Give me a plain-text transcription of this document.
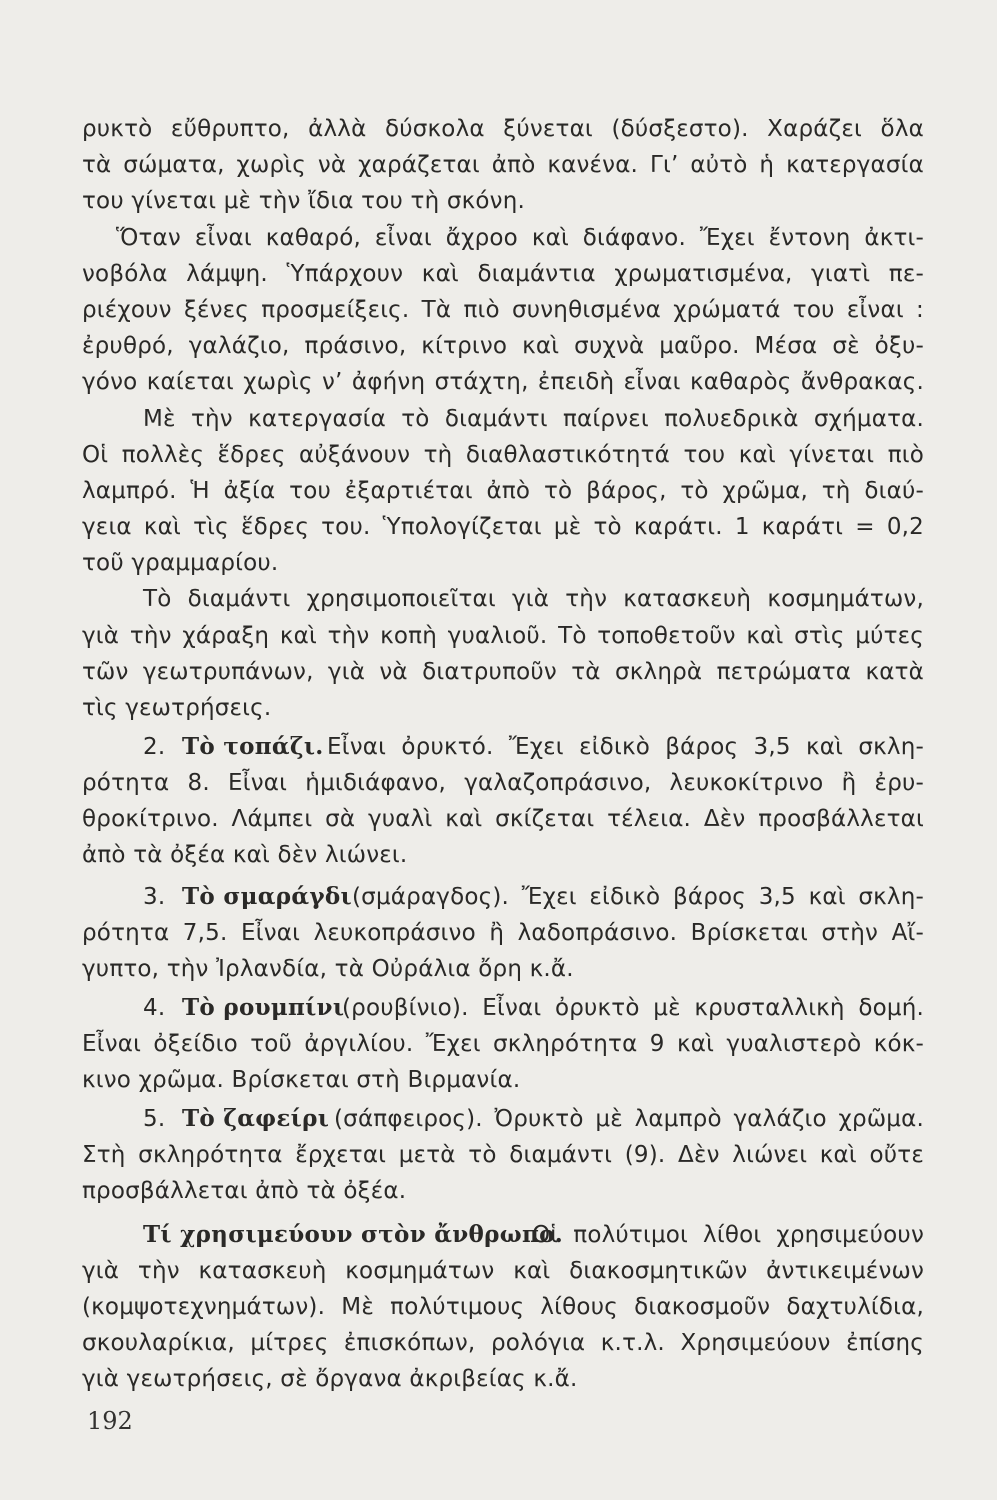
ρυκτὸ εὔθρυπτο, ἀλλὰ δύσκολα ξύνεται (δύσξεστο). Χαράζει ὅλα
τὰ σώματα, χωρὶς νὰ χαράζεται ἀπὸ κανένα. Γι’ αὐτὸ ἡ κατεργασία
του γίνεται μὲ τὴν ἴδια του τὴ σκόνη.
Ὅταν εἶναι καθαρό, εἶναι ἄχροο καὶ διάφανο. Ἔχει ἔντονη ἀκτι-
νοβόλα λάμψη. Ὑπάρχουν καὶ διαμάντια χρωματισμένα, γιατὶ πε-
ριέχουν ξένες προσμείξεις. Τὰ πιὸ συνηθισμένα χρώματά του εἶναι :
ἐρυθρό, γαλάζιο, πράσινο, κίτρινο καὶ συχνὰ μαῦρο. Μέσα σὲ ὀξυ-
γόνο καίεται χωρὶς ν’ ἀφήνη στάχτη, ἐπειδὴ εἶναι καθαρὸς ἄνθρακας.
Μὲ τὴν κατεργασία τὸ διαμάντι παίρνει πολυεδρικὰ σχήματα.
Οἱ πολλὲς ἕδρες αὐξάνουν τὴ διαθλαστικότητά του καὶ γίνεται πιὸ
λαμπρό. Ἡ ἀξία του ἐξαρτιέται ἀπὸ τὸ βάρος, τὸ χρῶμα, τὴ διαύ-
γεια καὶ τὶς ἕδρες του. Ὑπολογίζεται μὲ τὸ καράτι. 1 καράτι = 0,2
τοῦ γραμμαρίου.
Τὸ διαμάντι χρησιμοποιεῖται γιὰ τὴν κατασκευὴ κοσμημάτων,
γιὰ τὴν χάραξη καὶ τὴν κοπὴ γυαλιοῦ. Τὸ τοποθετοῦν καὶ στὶς μύτες
τῶν γεωτρυπάνων, γιὰ νὰ διατρυποῦν τὰ σκληρὰ πετρώματα κατὰ
τὶς γεωτρήσεις.
2. Τὸ τοπάζι. Εἶναι ὀρυκτό. Ἔχει εἰδικὸ βάρος 3,5 καὶ σκλη-
ρότητα 8. Εἶναι ἡμιδιάφανο, γαλαζοπράσινο, λευκοκίτρινο ἢ ἐρυ-
θροκίτρινο. Λάμπει σὰ γυαλὶ καὶ σκίζεται τέλεια. Δὲν προσβάλλεται
ἀπὸ τὰ ὀξέα καὶ δὲν λιώνει.
3. Τὸ σμαράγδι (σμάραγδος). Ἔχει εἰδικὸ βάρος 3,5 καὶ σκλη-
ρότητα 7,5. Εἶναι λευκοπράσινο ἢ λαδοπράσινο. Βρίσκεται στὴν Αἴ-
γυπτο, τὴν Ἰρλανδία, τὰ Οὐράλια ὄρη κ.ἄ.
4. Τὸ ρουμπίνι
(ρουβίνιο). Εἶναι ὀρυκτὸ μὲ κρυσταλλικὴ δομή.
Εἶναι ὀξείδιο τοῦ ἀργιλίου. Ἔχει σκληρότητα 9 καὶ γυαλιστερὸ κόκ-
κινο χρῶμα. Βρίσκεται στὴ Βιρμανία.
5. Τὸ ζαφείρι (σάπφειρος). Ὀρυκτὸ μὲ λαμπρὸ γαλάζιο χρῶμα.
Στὴ σκληρότητα ἔρχεται μετὰ τὸ διαμάντι (9). Δὲν λιώνει καὶ οὔτε
προσβάλλεται ἀπὸ τὰ ὀξέα.
Τί χρησιμεύουν στὸν ἄνθρωπο.
Οἱ πολύτιμοι λίθοι χρησιμεύουν
γιὰ τὴν κατασκευὴ κοσμημάτων καὶ διακοσμητικῶν ἀντικειμένων
(κομψοτεχνημάτων). Μὲ πολύτιμους λίθους διακοσμοῦν δαχτυλίδια,
σκουλαρίκια, μίτρες ἐπισκόπων, ρολόγια κ.τ.λ. Χρησιμεύουν ἐπίσης
γιὰ γεωτρήσεις, σὲ ὄργανα ἀκριβείας κ.ἄ.
192
